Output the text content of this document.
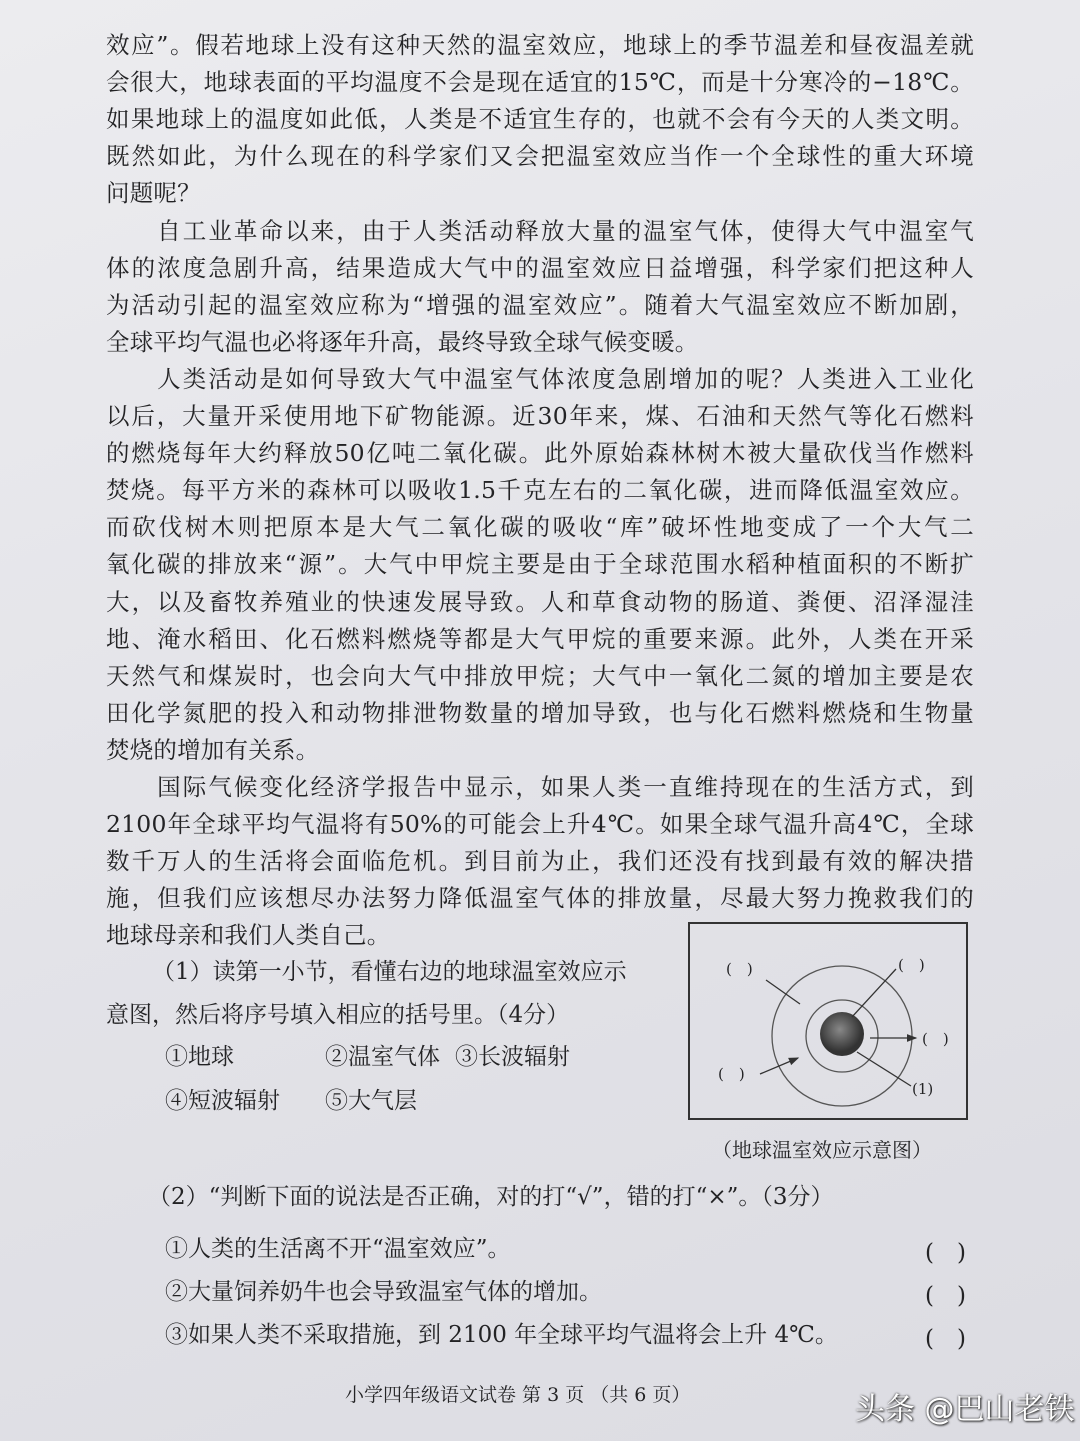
效应”。假若地球上没有这种天然的温室效应，地球上的季节温差和昼夜温差就
会很大，地球表面的平均温度不会是现在适宜的15℃，而是十分寒冷的−18℃。
如果地球上的温度如此低，人类是不适宜生存的，也就不会有今天的人类文明。
既然如此，为什么现在的科学家们又会把温室效应当作一个全球性的重大环境
问题呢？
　　自工业革命以来，由于人类活动释放大量的温室气体，使得大气中温室气
体的浓度急剧升高，结果造成大气中的温室效应日益增强，科学家们把这种人
为活动引起的温室效应称为“增强的温室效应”。随着大气温室效应不断加剧，
全球平均气温也必将逐年升高，最终导致全球气候变暖。
　　人类活动是如何导致大气中温室气体浓度急剧增加的呢？人类进入工业化
以后，大量开采使用地下矿物能源。近30年来，煤、石油和天然气等化石燃料
的燃烧每年大约释放50亿吨二氧化碳。此外原始森林树木被大量砍伐当作燃料
焚烧。每平方米的森林可以吸收1.5千克左右的二氧化碳，进而降低温室效应。
而砍伐树木则把原本是大气二氧化碳的吸收“库”破坏性地变成了一个大气二
氧化碳的排放来“源”。大气中甲烷主要是由于全球范围水稻种植面积的不断扩
大，以及畜牧养殖业的快速发展导致。人和草食动物的肠道、粪便、沼泽湿洼
地、淹水稻田、化石燃料燃烧等都是大气甲烷的重要来源。此外，人类在开采
天然气和煤炭时，也会向大气中排放甲烷；大气中一氧化二氮的增加主要是农
田化学氮肥的投入和动物排泄物数量的增加导致，也与化石燃料燃烧和生物量
焚烧的增加有关系。
　　国际气候变化经济学报告中显示，如果人类一直维持现在的生活方式，到
2100年全球平均气温将有50%的可能会上升4℃。如果全球气温升高4℃，全球
数千万人的生活将会面临危机。到目前为止，我们还没有找到最有效的解决措
施，但我们应该想尽办法努力降低温室气体的排放量，尽最大努力挽救我们的
地球母亲和我们人类自己。
（1）读第一小节，看懂右边的地球温室效应示
意图，然后将序号填入相应的括号里。（4分）
①地球	②温室气体 ③长波辐射
④短波辐射 ⑤大气层
(　)	(　)
(　)
(　)
(1)
（地球温室效应示意图）
（2）“判断下面的说法是否正确，对的打“√”，错的打“×”。（3分）
①人类的生活离不开“温室效应”。	(　)
②大量饲养奶牛也会导致温室气体的增加。	(　)
③如果人类不采取措施，到 2100 年全球平均气温将会上升 4℃。	(　)
小学四年级语文试卷 第 3 页 （共 6 页）	头条 @巴山老铁
